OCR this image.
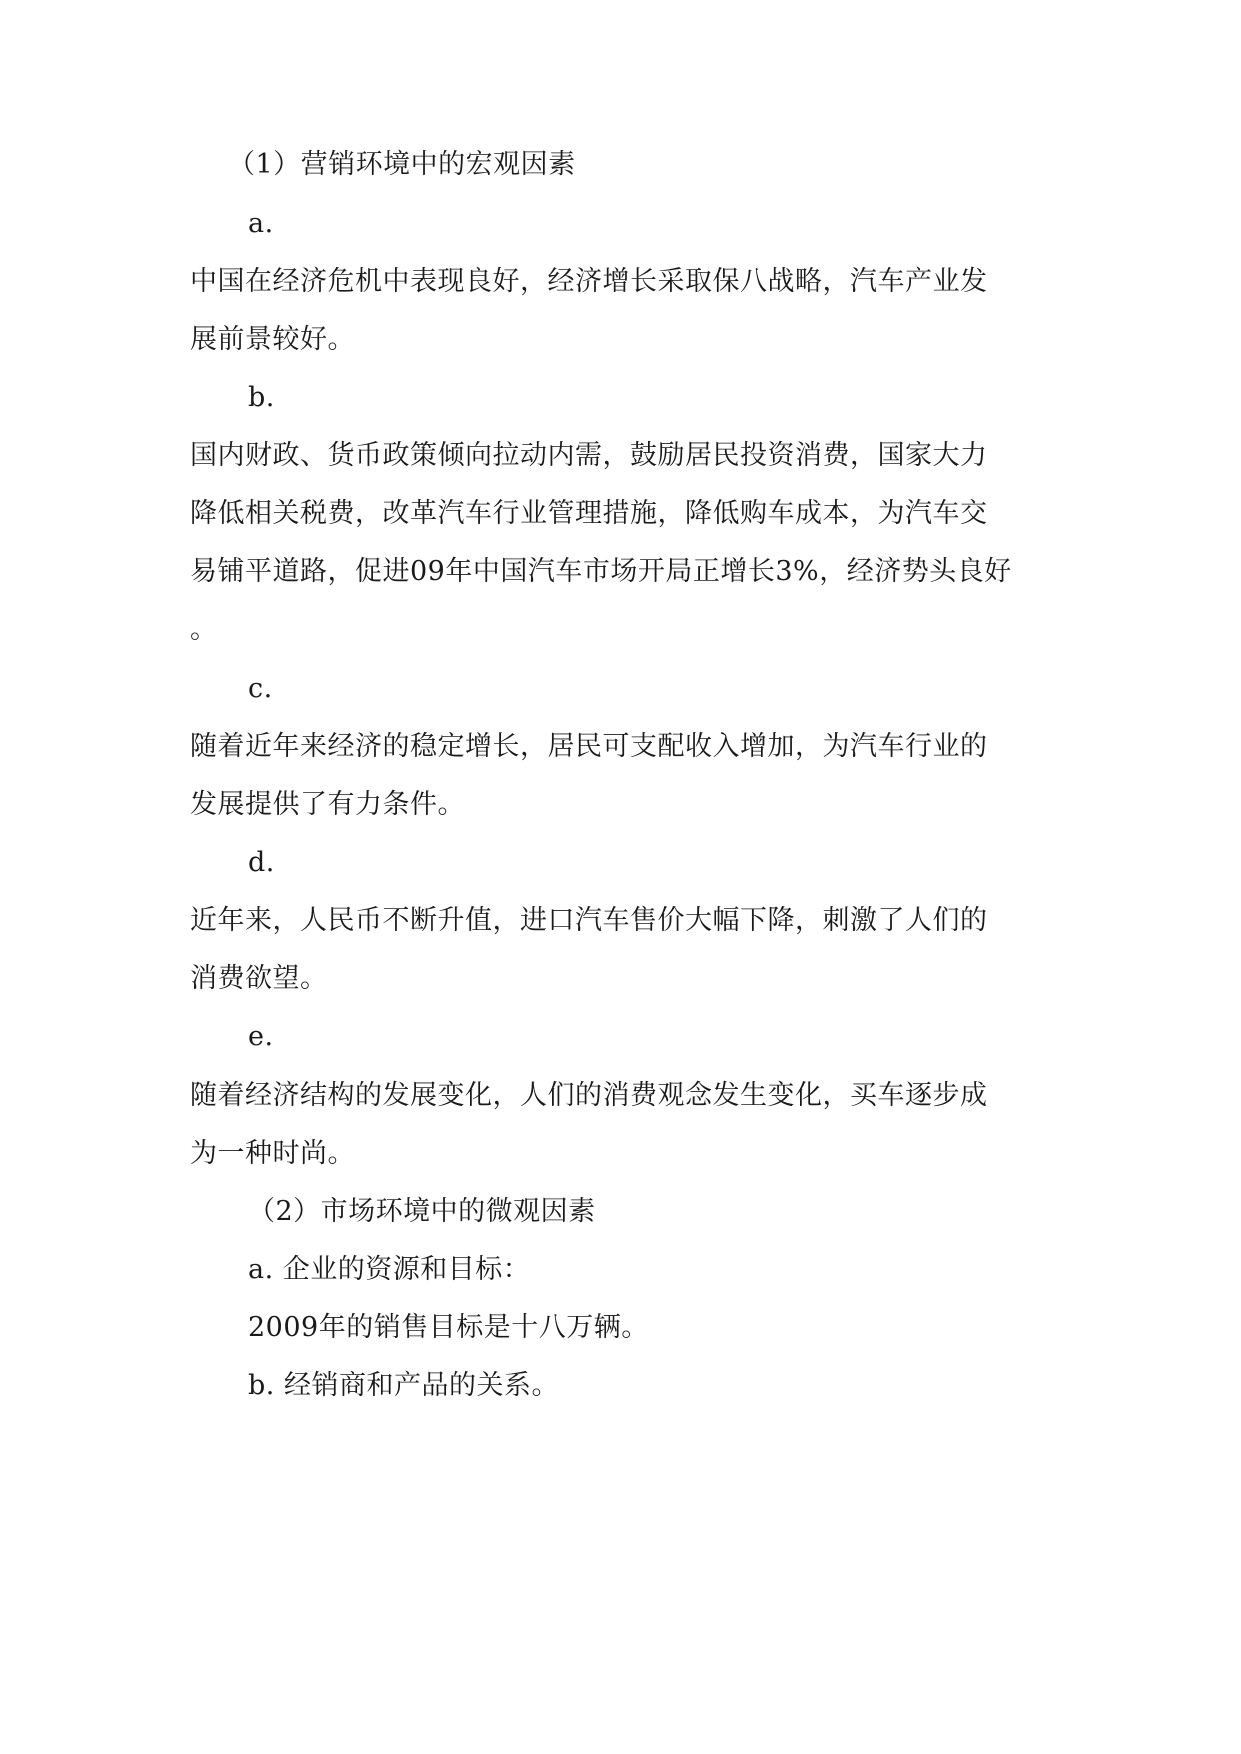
（1）营销环境中的宏观因素
a.
中国在经济危机中表现良好，经济增长采取保八战略，汽车产业发
展前景较好。
b.
国内财政、货币政策倾向拉动内需，鼓励居民投资消费，国家大力
降低相关税费，改革汽车行业管理措施，降低购车成本，为汽车交
易铺平道路，促进09年中国汽车市场开局正增长3%，经济势头良好
。
c.
随着近年来经济的稳定增长，居民可支配收入增加，为汽车行业的
发展提供了有力条件。
d.
近年来，人民币不断升值，进口汽车售价大幅下降，刺激了人们的
消费欲望。
e.
随着经济结构的发展变化，人们的消费观念发生变化，买车逐步成
为一种时尚。
（2）市场环境中的微观因素
a. 企业的资源和目标：
2009年的销售目标是十八万辆。
b. 经销商和产品的关系。
